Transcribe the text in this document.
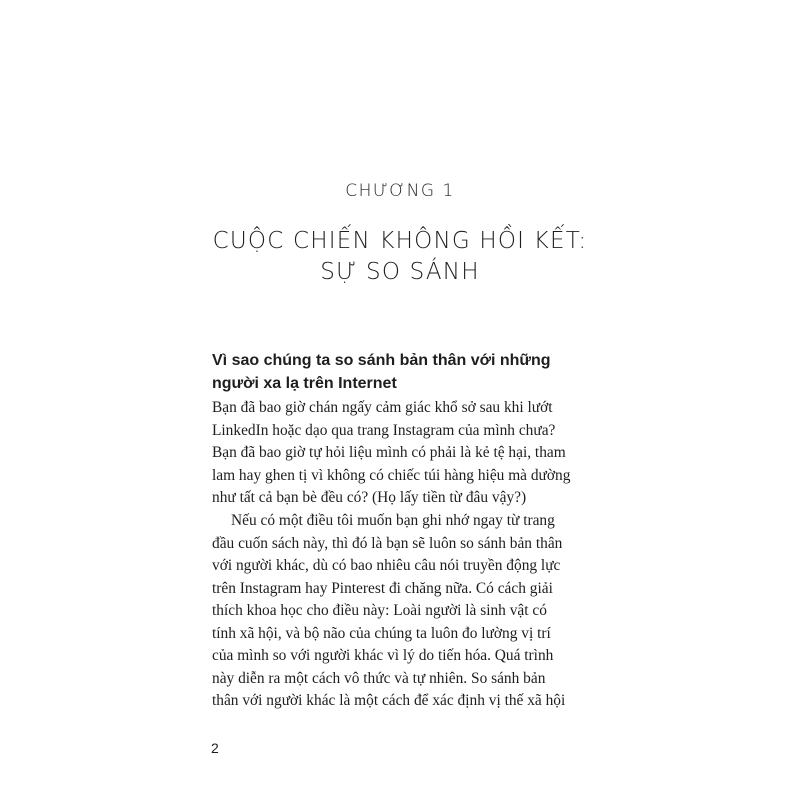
CHƯƠNG 1
CUỘC CHIẾN KHÔNG HỒI KẾT:
SỰ SO SÁNH
Vì sao chúng ta so sánh bản thân với những
người xa lạ trên Internet
Bạn đã bao giờ chán ngấy cảm giác khổ sở sau khi lướt
LinkedIn hoặc dạo qua trang Instagram của mình chưa?
Bạn đã bao giờ tự hỏi liệu mình có phải là kẻ tệ hại, tham
lam hay ghen tị vì không có chiếc túi hàng hiệu mà dường
như tất cả bạn bè đều có? (Họ lấy tiền từ đâu vậy?)
Nếu có một điều tôi muốn bạn ghi nhớ ngay từ trang
đầu cuốn sách này, thì đó là bạn sẽ luôn so sánh bản thân
với người khác, dù có bao nhiêu câu nói truyền động lực
trên Instagram hay Pinterest đi chăng nữa. Có cách giải
thích khoa học cho điều này: Loài người là sinh vật có
tính xã hội, và bộ não của chúng ta luôn đo lường vị trí
của mình so với người khác vì lý do tiến hóa. Quá trình
này diễn ra một cách vô thức và tự nhiên. So sánh bản
thân với người khác là một cách để xác định vị thế xã hội
2
